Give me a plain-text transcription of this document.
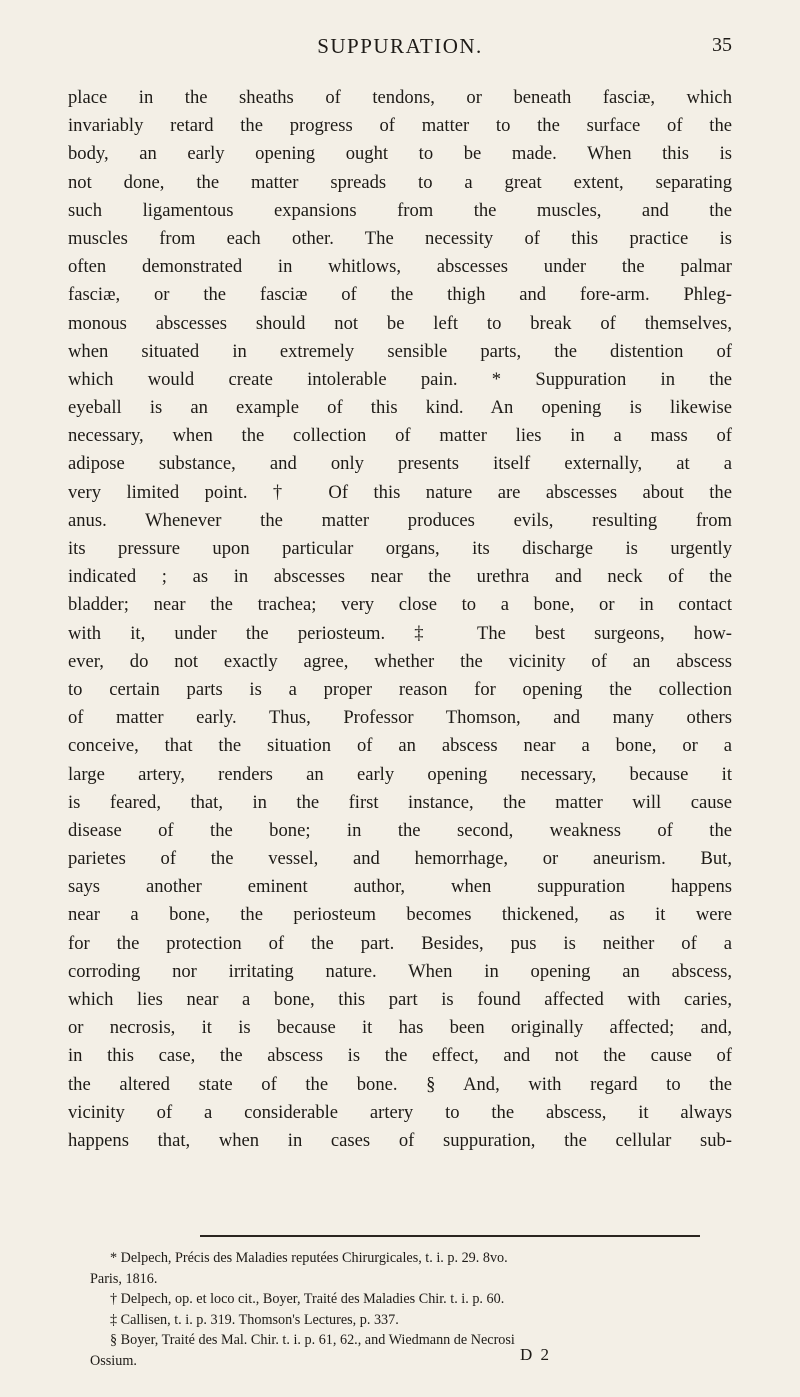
SUPPURATION.	35
place in the sheaths of tendons, or beneath fasciæ, which
invariably retard the progress of matter to the surface of the
body, an early opening ought to be made. When this is
not done, the matter spreads to a great extent, separating
such ligamentous expansions from the muscles, and the
muscles from each other. The necessity of this practice is
often demonstrated in whitlows, abscesses under the palmar
fasciæ, or the fasciæ of the thigh and fore-arm. Phleg-
monous abscesses should not be left to break of themselves,
when situated in extremely sensible parts, the distention of
which would create intolerable pain. * Suppuration in the
eyeball is an example of this kind. An opening is likewise
necessary, when the collection of matter lies in a mass of
adipose substance, and only presents itself externally, at a
very limited point. † Of this nature are abscesses about the
anus. Whenever the matter produces evils, resulting from
its pressure upon particular organs, its discharge is urgently
indicated ; as in abscesses near the urethra and neck of the
bladder; near the trachea; very close to a bone, or in contact
with it, under the periosteum. ‡ The best surgeons, how-
ever, do not exactly agree, whether the vicinity of an abscess
to certain parts is a proper reason for opening the collection
of matter early. Thus, Professor Thomson, and many others
conceive, that the situation of an abscess near a bone, or a
large artery, renders an early opening necessary, because it
is feared, that, in the first instance, the matter will cause
disease of the bone; in the second, weakness of the
parietes of the vessel, and hemorrhage, or aneurism. But,
says another eminent author, when suppuration happens
near a bone, the periosteum becomes thickened, as it were
for the protection of the part. Besides, pus is neither of a
corroding nor irritating nature. When in opening an abscess,
which lies near a bone, this part is found affected with caries,
or necrosis, it is because it has been originally affected; and,
in this case, the abscess is the effect, and not the cause of
the altered state of the bone. § And, with regard to the
vicinity of a considerable artery to the abscess, it always
happens that, when in cases of suppuration, the cellular sub-
* Delpech, Précis des Maladies reputées Chirurgicales, t. i. p. 29. 8vo.
Paris, 1816.
† Delpech, op. et loco cit., Boyer, Traité des Maladies Chir. t. i. p. 60.
‡ Callisen, t. i. p. 319. Thomson's Lectures, p. 337.
§ Boyer, Traité des Mal. Chir. t. i. p. 61, 62., and Wiedmann de Necrosi
Ossium.	D 2
